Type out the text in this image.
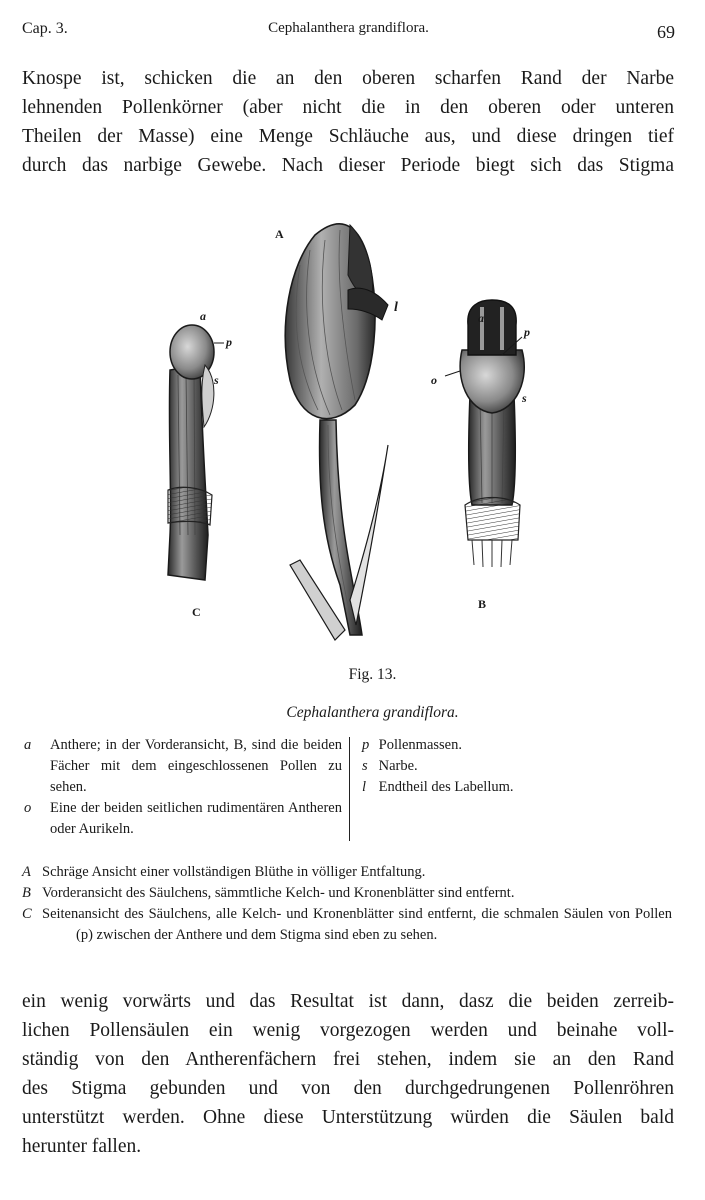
Cap. 3.	Cephalanthera grandiflora.	69
Knospe ist, schicken die an den oberen scharfen Rand der Narbe
lehnenden Pollenkörner (aber nicht die in den oberen oder unteren
Theilen der Masse) eine Menge Schläuche aus, und diese dringen tief
durch das narbige Gewebe. Nach dieser Periode biegt sich das Stigma
A
C
B
a
p
s
l
a
p
o
s
Fig. 13.
Cephalanthera grandiflora.
a Anthere; in der Vorderansicht, B, sind die beiden Fächer mit dem eingeschlossenen Pollen zu sehen.
o Eine der beiden seitlichen rudimentären Antheren oder Aurikeln.
p Pollenmassen.
s Narbe.
l Endtheil des Labellum.
A Schräge Ansicht einer vollständigen Blüthe in völliger Entfaltung.
B Vorderansicht des Säulchens, sämmtliche Kelch- und Kronenblätter sind entfernt.
C Seitenansicht des Säulchens, alle Kelch- und Kronenblätter sind entfernt, die schmalen Säulen von Pollen (p) zwischen der Anthere und dem Stigma sind eben zu sehen.
ein wenig vorwärts und das Resultat ist dann, dasz die beiden zerreib-
lichen Pollensäulen ein wenig vorgezogen werden und beinahe voll-
ständig von den Antherenfächern frei stehen, indem sie an den Rand
des Stigma gebunden und von den durchgedrungenen Pollenröhren
unterstützt werden. Ohne diese Unterstützung würden die Säulen bald
herunter fallen.
